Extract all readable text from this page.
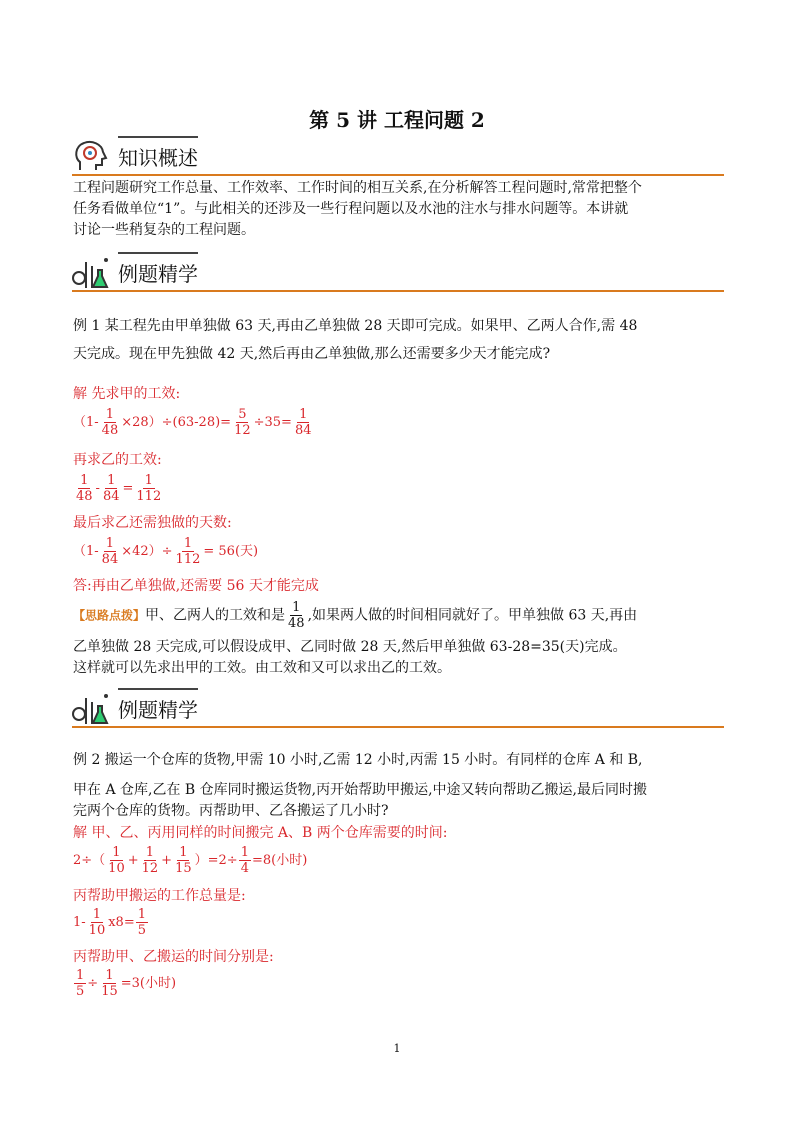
第 5 讲 工程问题 2
知识概述
工程问题研究工作总量、工作效率、工作时间的相互关系,在分析解答工程问题时,常常把整个
任务看做单位“1”。与此相关的还涉及一些行程问题以及水池的注水与排水问题等。本讲就
讨论一些稍复杂的工程问题。
例题精学
例 1 某工程先由甲单独做 63 天,再由乙单独做 28 天即可完成。如果甲、乙两人合作,需 48
天完成。现在甲先独做 42 天,然后再由乙单独做,那么还需要多少天才能完成?
解 先求甲的工效:
$(1- \frac{1}{48} \times 28)\div(63-28)= \frac{5}{12} \div 35= \frac{1}{84}$
再求乙的工效:
$\frac{1}{48} - \frac{1}{84} = \frac{1}{112}$
最后求乙还需独做的天数:
$(1- \frac{1}{84} \times 42)\div \frac{1}{112} = 56$(天)
答:再由乙单独做,还需要 56 天才能完成
【思路点拨】甲、乙两人的工效和是 $\frac{1}{48}$ ,如果两人做的时间相同就好了。甲单独做 63 天,再由
乙单独做 28 天完成,可以假设成甲、乙同时做 28 天,然后甲单独做 63-28=35(天)完成。
这样就可以先求出甲的工效。由工效和又可以求出乙的工效。
例题精学
例 2 搬运一个仓库的货物,甲需 10 小时,乙需 12 小时,丙需 15 小时。有同样的仓库 A 和 B,
甲在 A 仓库,乙在 B 仓库同时搬运货物,丙开始帮助甲搬运,中途又转向帮助乙搬运,最后同时搬
完两个仓库的货物。丙帮助甲、乙各搬运了几小时?
解 甲、乙、丙用同样的时间搬完 A、B 两个仓库需要的时间:
$2\div( \frac{1}{10} + \frac{1}{12} + \frac{1}{15} )=2\div \frac{1}{4} =8$(小时)
丙帮助甲搬运的工作总量是:
$1- \frac{1}{10} x8= \frac{1}{5}$
丙帮助甲、乙搬运的时间分别是:
$\frac{1}{5} \div \frac{1}{15} =3$(小时)
1
